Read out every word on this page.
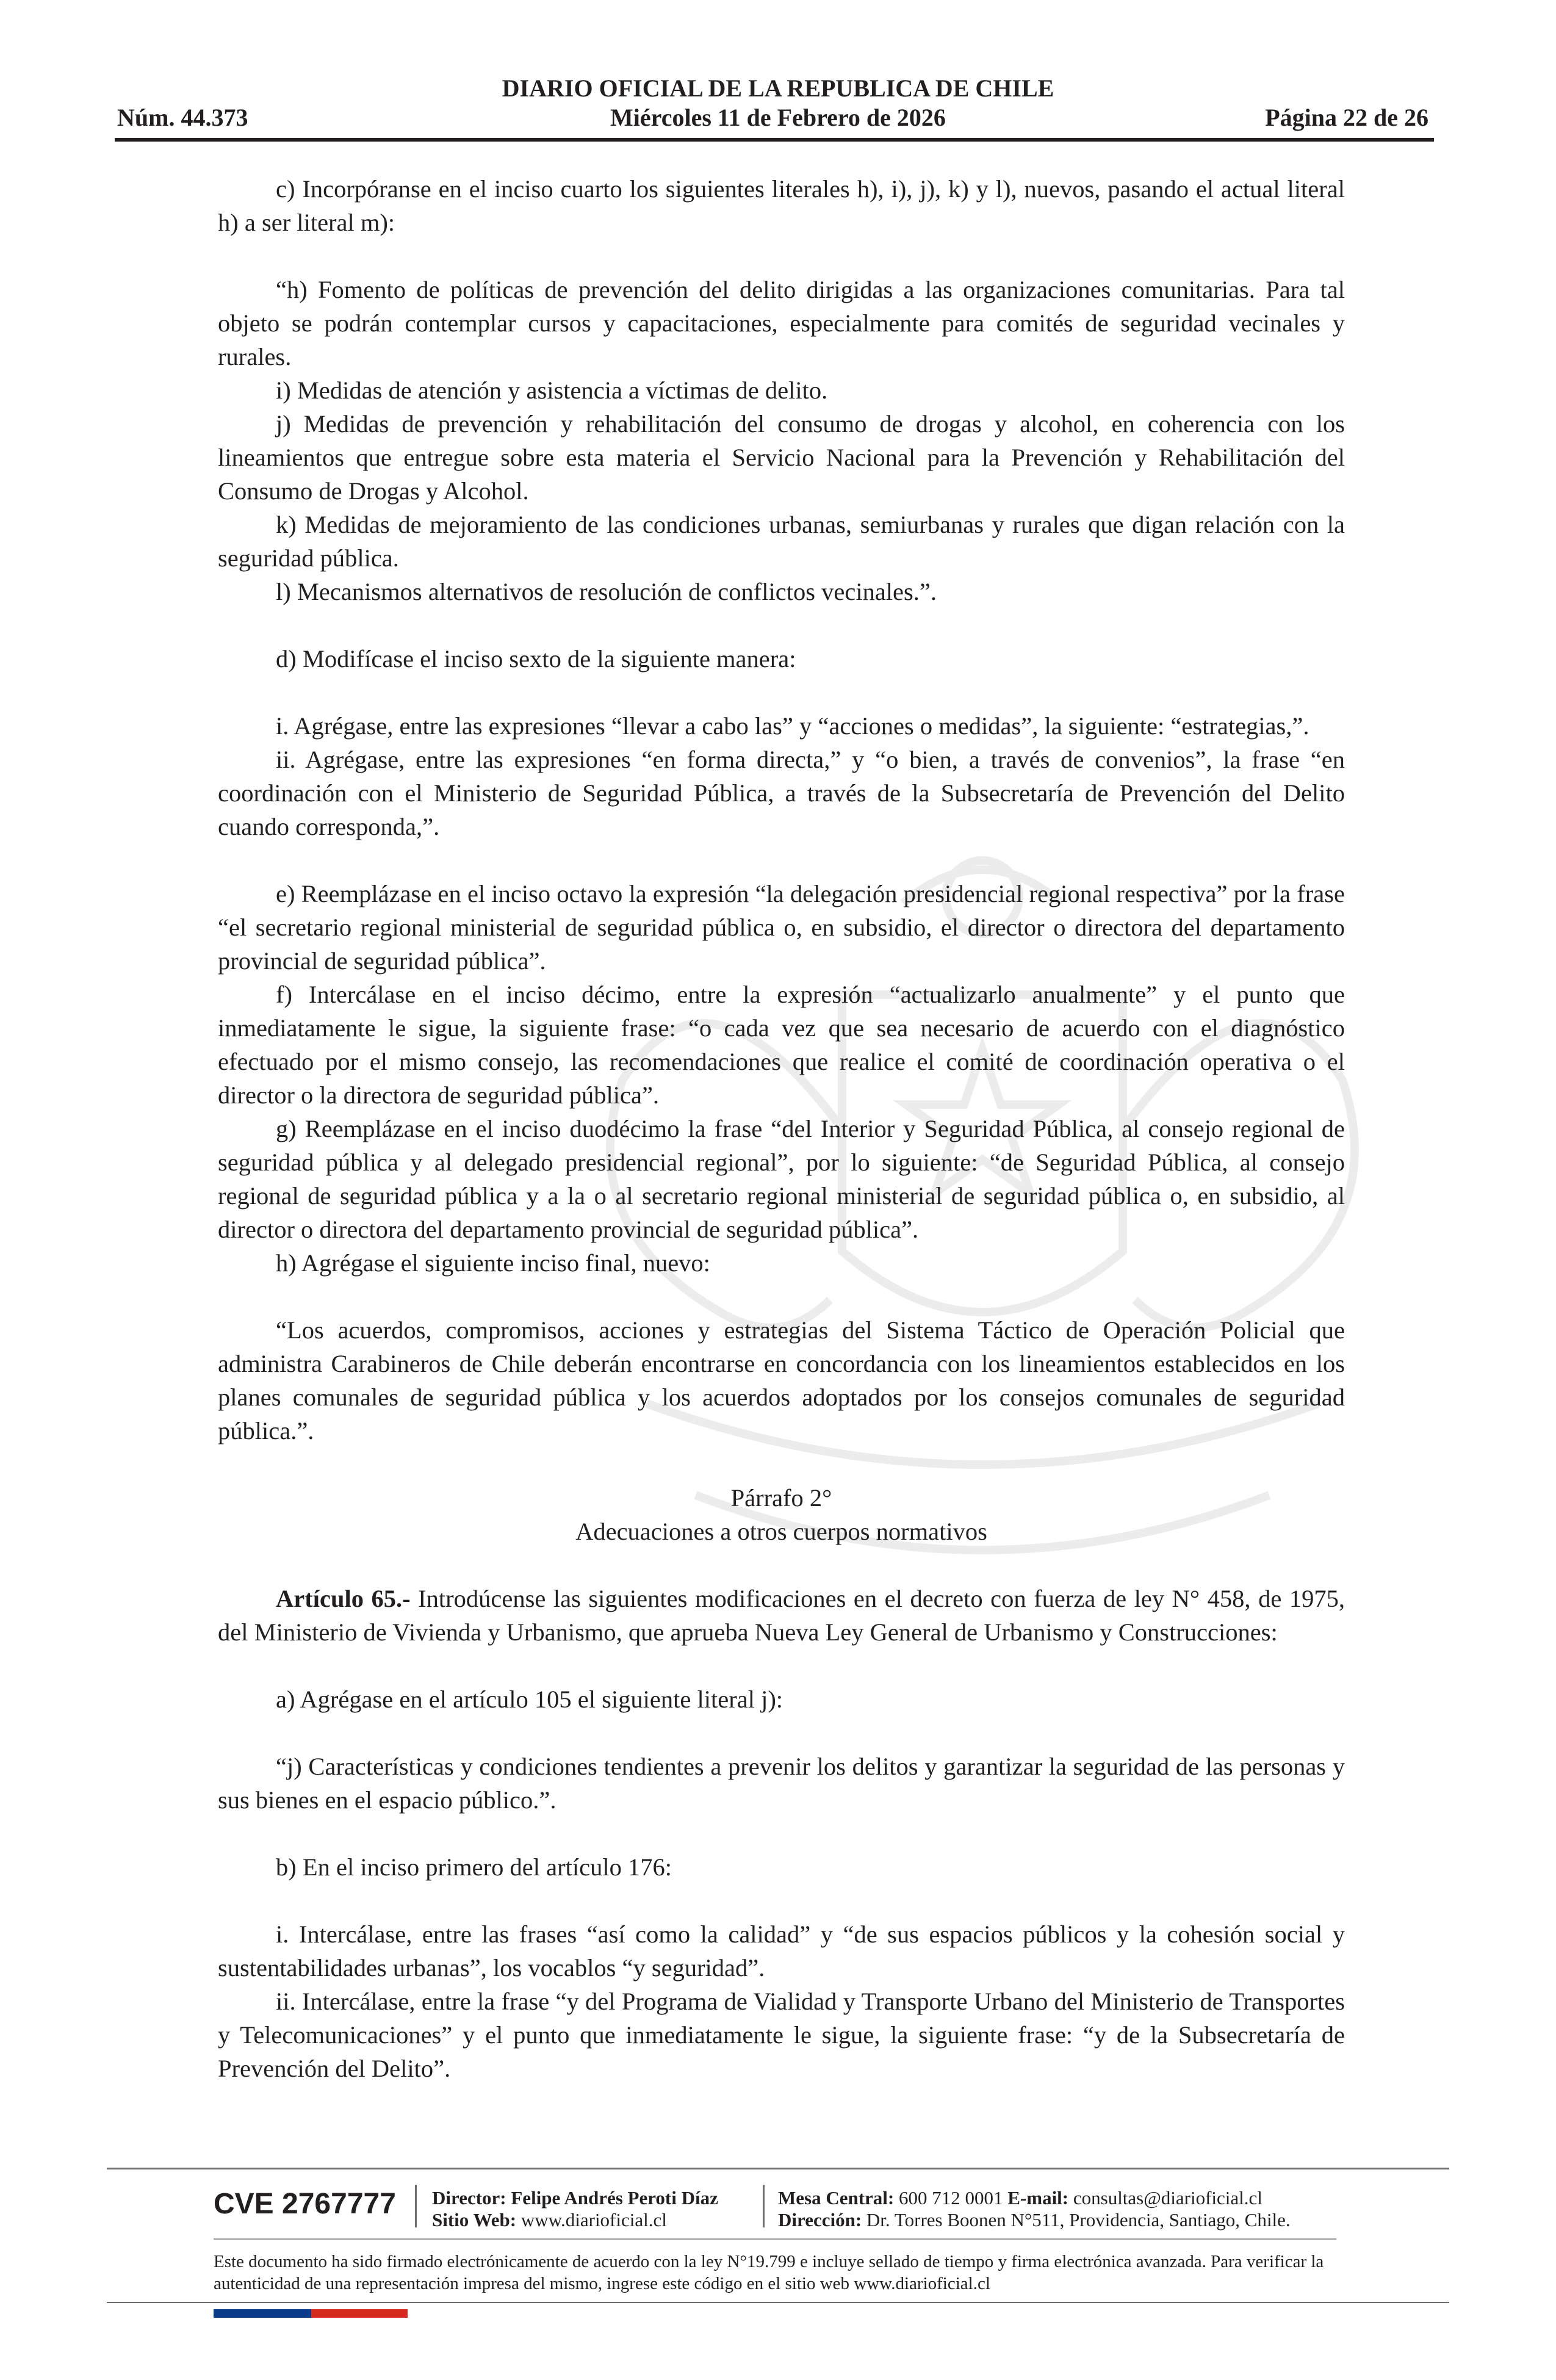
DIARIO OFICIAL DE LA REPUBLICA DE CHILE
Núm. 44.373	Miércoles 11 de Febrero de 2026	Página 22 de 26

c) Incorpóranse en el inciso cuarto los siguientes literales h), i), j), k) y l), nuevos, pasando el actual literal h) a ser literal m):

“h) Fomento de políticas de prevención del delito dirigidas a las organizaciones comunitarias. Para tal objeto se podrán contemplar cursos y capacitaciones, especialmente para comités de seguridad vecinales y rurales.

i) Medidas de atención y asistencia a víctimas de delito.

j) Medidas de prevención y rehabilitación del consumo de drogas y alcohol, en coherencia con los lineamientos que entregue sobre esta materia el Servicio Nacional para la Prevención y Rehabilitación del Consumo de Drogas y Alcohol.

k) Medidas de mejoramiento de las condiciones urbanas, semiurbanas y rurales que digan relación con la seguridad pública.

l) Mecanismos alternativos de resolución de conflictos vecinales.”.

d) Modifícase el inciso sexto de la siguiente manera:

i. Agrégase, entre las expresiones “llevar a cabo las” y “acciones o medidas”, la siguiente: “estrategias,”.

ii. Agrégase, entre las expresiones “en forma directa,” y “o bien, a través de convenios”, la frase “en coordinación con el Ministerio de Seguridad Pública, a través de la Subsecretaría de Prevención del Delito cuando corresponda,”.

e) Reemplázase en el inciso octavo la expresión “la delegación presidencial regional respectiva” por la frase “el secretario regional ministerial de seguridad pública o, en subsidio, el director o directora del departamento provincial de seguridad pública”.

f) Intercálase en el inciso décimo, entre la expresión “actualizarlo anualmente” y el punto que inmediatamente le sigue, la siguiente frase: “o cada vez que sea necesario de acuerdo con el diagnóstico efectuado por el mismo consejo, las recomendaciones que realice el comité de coordinación operativa o el director o la directora de seguridad pública”.

g) Reemplázase en el inciso duodécimo la frase “del Interior y Seguridad Pública, al consejo regional de seguridad pública y al delegado presidencial regional”, por lo siguiente: “de Seguridad Pública, al consejo regional de seguridad pública y a la o al secretario regional ministerial de seguridad pública o, en subsidio, al director o directora del departamento provincial de seguridad pública”.

h) Agrégase el siguiente inciso final, nuevo:

“Los acuerdos, compromisos, acciones y estrategias del Sistema Táctico de Operación Policial que administra Carabineros de Chile deberán encontrarse en concordancia con los lineamientos establecidos en los planes comunales de seguridad pública y los acuerdos adoptados por los consejos comunales de seguridad pública.”.

Párrafo 2°

Adecuaciones a otros cuerpos normativos

Artículo 65.- Introdúcense las siguientes modificaciones en el decreto con fuerza de ley N° 458, de 1975, del Ministerio de Vivienda y Urbanismo, que aprueba Nueva Ley General de Urbanismo y Construcciones:

a) Agrégase en el artículo 105 el siguiente literal j):

“j) Características y condiciones tendientes a prevenir los delitos y garantizar la seguridad de las personas y sus bienes en el espacio público.”.

b) En el inciso primero del artículo 176:

i. Intercálase, entre las frases “así como la calidad” y “de sus espacios públicos y la cohesión social y sustentabilidades urbanas”, los vocablos “y seguridad”.

ii. Intercálase, entre la frase “y del Programa de Vialidad y Transporte Urbano del Ministerio de Transportes y Telecomunicaciones” y el punto que inmediatamente le sigue, la siguiente frase: “y de la Subsecretaría de Prevención del Delito”.

CVE 2767777 Director: Felipe Andrés Peroti Díaz
Sitio Web: www.diarioficial.cl
Mesa Central: 600 712 0001 E-mail: consultas@diarioficial.cl
Dirección: Dr. Torres Boonen N°511, Providencia, Santiago, Chile.
Este documento ha sido firmado electrónicamente de acuerdo con la ley N°19.799 e incluye sellado de tiempo y firma electrónica avanzada. Para verificar la autenticidad de una representación impresa del mismo, ingrese este código en el sitio web www.diarioficial.cl
